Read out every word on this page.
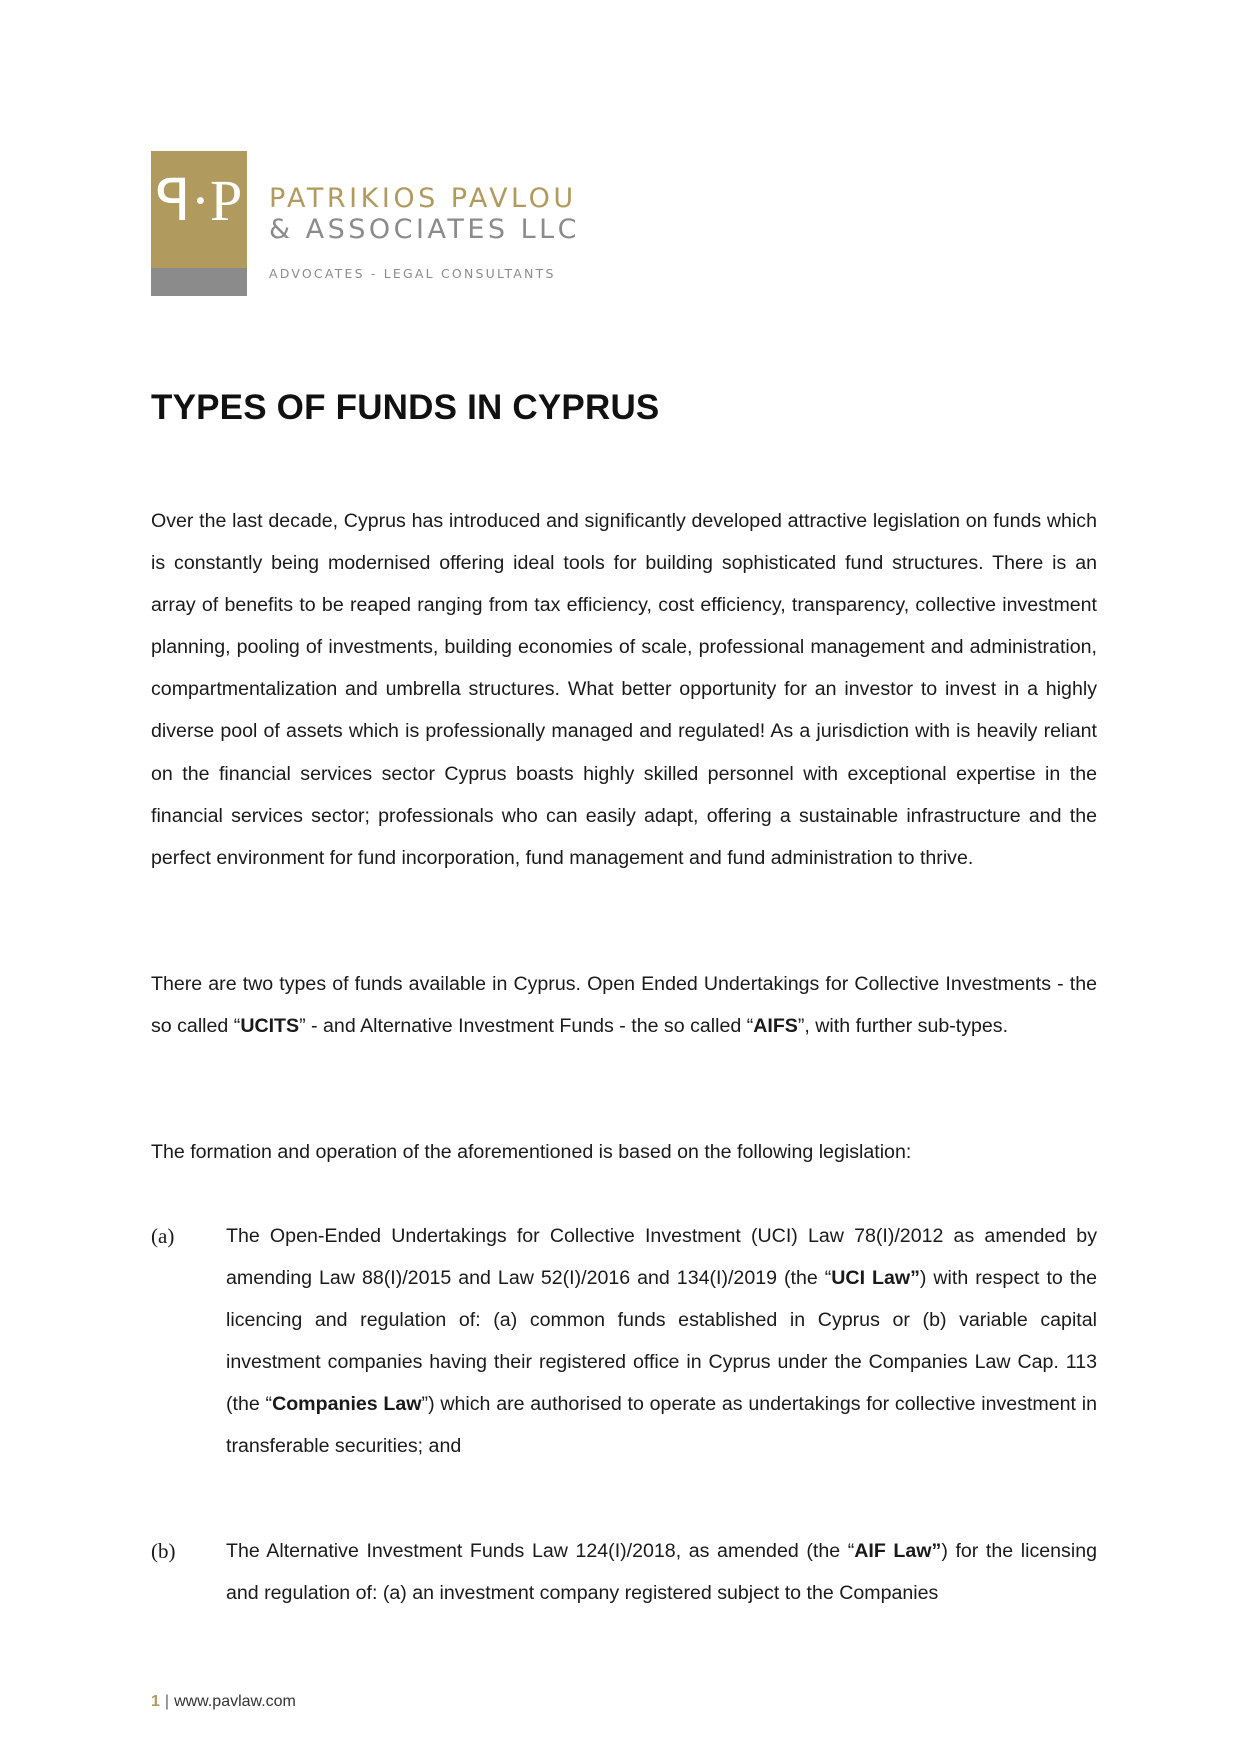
ꟼ·P PATRIKIOS PAVLOU
& ASSOCIATES LLC
ADVOCATES - LEGAL CONSULTANTS
TYPES OF FUNDS IN CYPRUS

Over the last decade, Cyprus has introduced and significantly developed attractive legislation on funds which is constantly being modernised offering ideal tools for building sophisticated fund structures. There is an array of benefits to be reaped ranging from tax efficiency, cost efficiency, transparency, collective investment planning, pooling of investments, building economies of scale, professional management and administration, compartmentalization and umbrella structures. What better opportunity for an investor to invest in a highly diverse pool of assets which is professionally managed and regulated! As a jurisdiction with is heavily reliant on the financial services sector Cyprus boasts highly skilled personnel with exceptional expertise in the financial services sector; professionals who can easily adapt, offering a sustainable infrastructure and the perfect environment for fund incorporation, fund management and fund administration to thrive.

There are two types of funds available in Cyprus. Open Ended Undertakings for Collective Investments - the so called “UCITS” - and Alternative Investment Funds - the so called “AIFS”, with further sub-types.

The formation and operation of the aforementioned is based on the following legislation:

(a)	The Open-Ended Undertakings for Collective Investment (UCI) Law 78(I)/2012 as amended by amending Law 88(I)/2015 and Law 52(I)/2016 and 134(I)/2019 (the “UCI Law”) with respect to the licencing and regulation of: (a) common funds established in Cyprus or (b) variable capital investment companies having their registered office in Cyprus under the Companies Law Cap. 113 (the “Companies Law”) which are authorised to operate as undertakings for collective investment in transferable securities; and

(b)	The Alternative Investment Funds Law 124(I)/2018, as amended (the “AIF Law”) for the licensing and regulation of: (a) an investment company registered subject to the Companies

1 | www.pavlaw.com
